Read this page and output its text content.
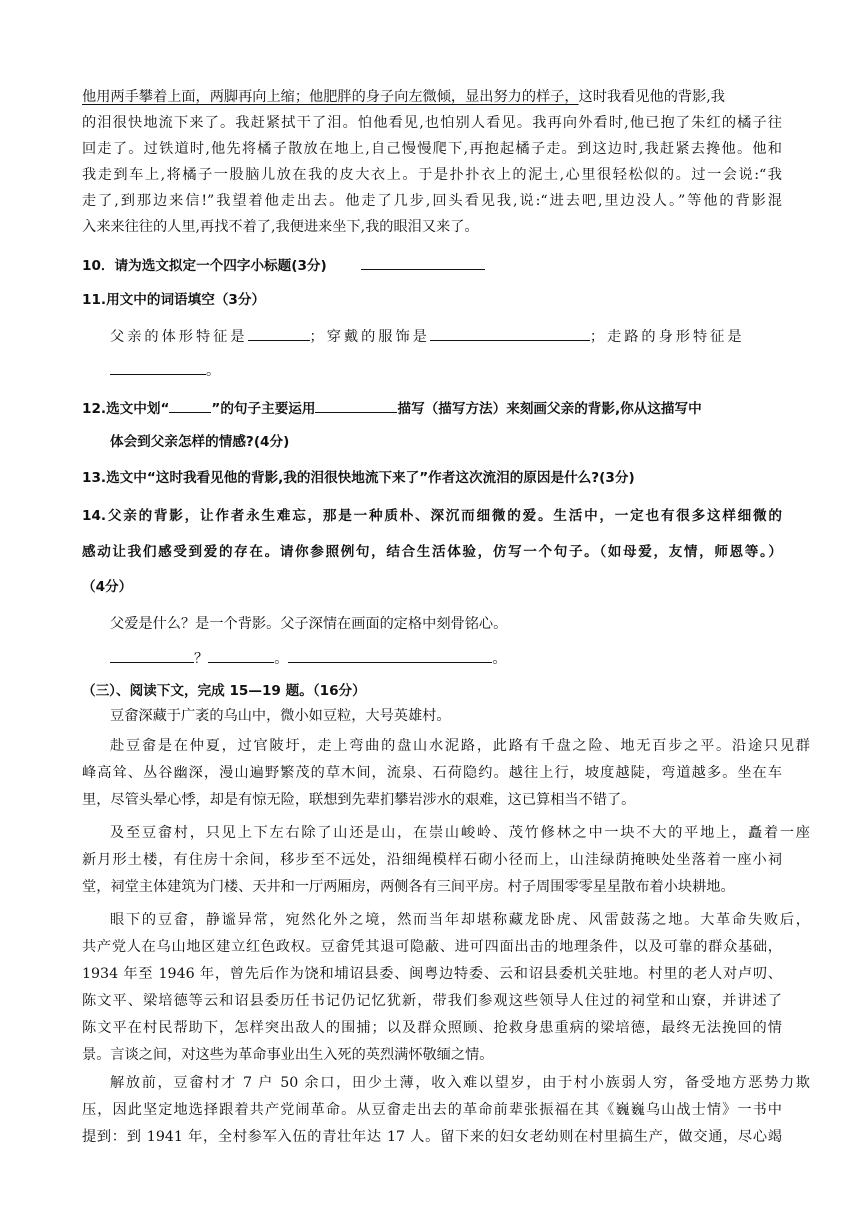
他用两手攀着上面，两脚再向上缩；他肥胖的身子向左微倾，显出努力的样子，这时我看见他的背影,我
的泪很快地流下来了。我赶紧拭干了泪。怕他看见,也怕别人看见。我再向外看时,他已抱了朱红的橘子往
回走了。过铁道时,他先将橘子散放在地上,自己慢慢爬下,再抱起橘子走。到这边时,我赶紧去搀他。他和
我走到车上,将橘子一股脑儿放在我的皮大衣上。于是扑扑衣上的泥土,心里很轻松似的。过一会说:“我
走了,到那边来信!”我望着他走出去。他走了几步,回头看见我,说:“进去吧,里边没人。”等他的背影混
入来来往往的人里,再找不着了,我便进来坐下,我的眼泪又来了。
10．请为选文拟定一个四字小标题(3分)
11.用文中的词语填空（3分）
父亲的体形特征是	；穿戴的服饰是	；走路的身形特征是
。
12.选文中划“	”的句子主要运用	描写（描写方法）来刻画父亲的背影,你从这描写中
体会到父亲怎样的情感?(4分)
13.选文中“这时我看见他的背影,我的泪很快地流下来了”作者这次流泪的原因是什么?(3分)
14.父亲的背影，让作者永生难忘，那是一种质朴、深沉而细微的爱。生活中，一定也有很多这样细微的
感动让我们感受到爱的存在。请你参照例句，结合生活体验，仿写一个句子。（如母爱，友情，师恩等。）
（4分）
父爱是什么？是一个背影。父子深情在画面的定格中刻骨铭心。
？	。	。
（三）、阅读下文，完成 15—19 题。（16分）
豆畲深藏于广袤的乌山中，微小如豆粒，大号英雄村。
赴豆畲是在仲夏，过官陂圩，走上弯曲的盘山水泥路，此路有千盘之险、地无百步之平。沿途只见群
峰高耸、丛谷幽深，漫山遍野繁茂的草木间，流泉、石荷隐约。越往上行，坡度越陡，弯道越多。坐在车
里，尽管头晕心悸，却是有惊无险，联想到先辈扪攀岩涉水的艰难，这已算相当不错了。
及至豆畲村，只见上下左右除了山还是山，在崇山峻岭、茂竹修林之中一块不大的平地上，矗着一座
新月形土楼，有住房十余间，移步至不远处，沿细绳模样石砌小径而上，山洼绿荫掩映处坐落着一座小祠
堂，祠堂主体建筑为门楼、天井和一厅两厢房，两侧各有三间平房。村子周围零零星星散布着小块耕地。
眼下的豆畲，静谧异常，宛然化外之境，然而当年却堪称藏龙卧虎、风雷鼓荡之地。大革命失败后，
共产党人在乌山地区建立红色政权。豆畲凭其退可隐蔽、进可四面出击的地理条件，以及可靠的群众基础，
1934 年至 1946 年，曾先后作为饶和埔诏县委、闽粤边特委、云和诏县委机关驻地。村里的老人对卢叨、
陈文平、梁培德等云和诏县委历任书记仍记忆犹新，带我们参观这些领导人住过的祠堂和山寮，并讲述了
陈文平在村民帮助下，怎样突出敌人的围捕；以及群众照顾、抢救身患重病的梁培德，最终无法挽回的情
景。言谈之间，对这些为革命事业出生入死的英烈满怀敬缅之情。
解放前，豆畲村才 7 户 50 余口，田少土薄，收入难以望岁，由于村小族弱人穷，备受地方恶势力欺
压，因此坚定地选择跟着共产党闹革命。从豆畲走出去的革命前辈张振福在其《巍巍乌山战士情》一书中
提到：到 1941 年，全村参军入伍的青壮年达 17 人。留下来的妇女老幼则在村里搞生产，做交通，尽心竭
